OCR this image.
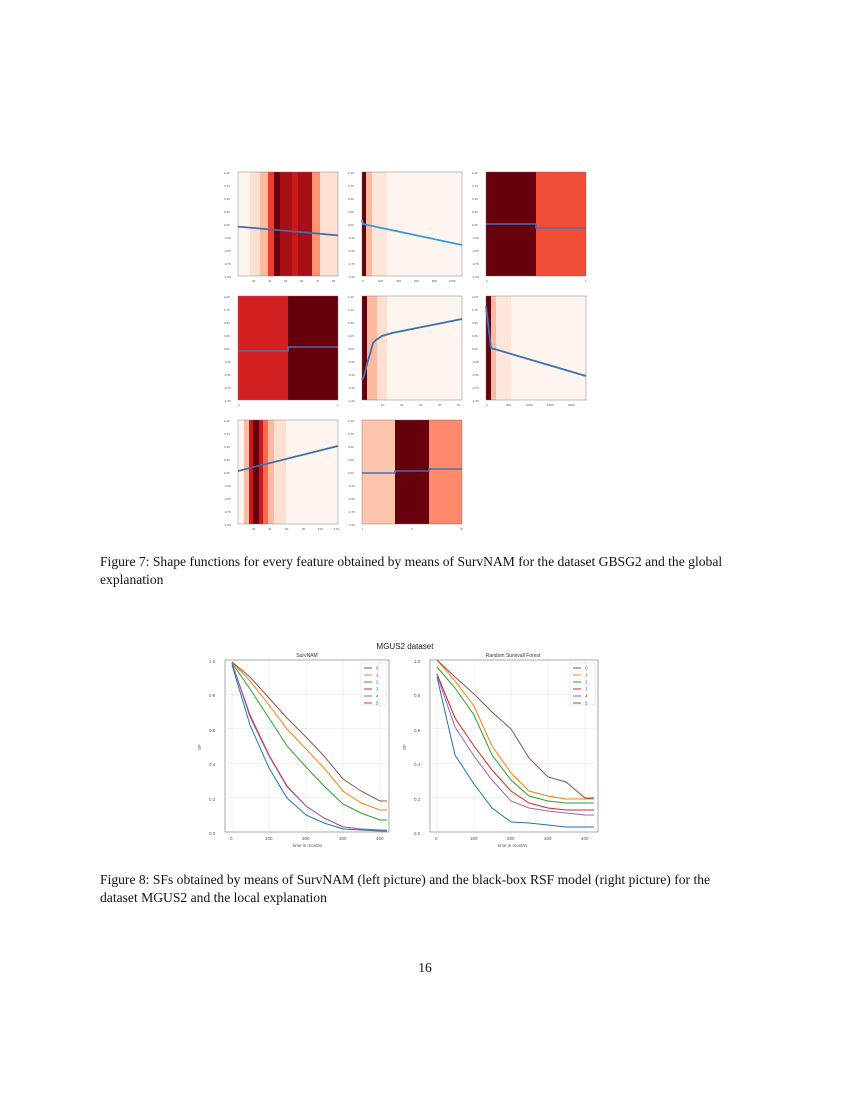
1.00
0.75
0.50
0.25
0.00
-0.25
-0.50
-0.75
-1.00
30	40	50	60	70	80
1.00
0.75
0.50
0.25
0.00
-0.25
-0.50
-0.75
-1.00
0	200	400	600	800	1000
1.00
0.75
0.50
0.25
0.00
-0.25
-0.50
-0.75
-1.00
0	1
1.00
0.75
0.50
0.25
0.00
-0.25
-0.50
-0.75
-1.00
0	1
1.00
0.75
0.50
0.25
0.00
-0.25
-0.50
-0.75
-1.00
10	20	30	40	50
1.00
0.75
0.50
0.25
0.00
-0.25
-0.50
-0.75
-1.00
0	500	1000	1500	2000
1.00
0.75
0.50
0.25
0.00
-0.25
-0.50
-0.75
-1.00
20	40	60	80	100	120
1.00
0.75
0.50
0.25
0.00
-0.25
-0.50
-0.75
-1.00
I	II	III
Figure 7: Shape functions for every feature obtained by means of SurvNAM for the dataset GBSG2 and the global explanation
MGUS2 dataset
SurvNAM
0
1
2
3
4
5
1.0
0.8
0.6
0.4
0.2
0.0
0	100	200	300	400
time in months
SF
Random Survivall Forest
0
1
2
3
4
5
1.0
0.8
0.6
0.4
0.2
0.0
0	100	200	300	400
time in months
SF
Figure 8: SFs obtained by means of SurvNAM (left picture) and the black-box RSF model (right picture) for the dataset MGUS2 and the local explanation
16
